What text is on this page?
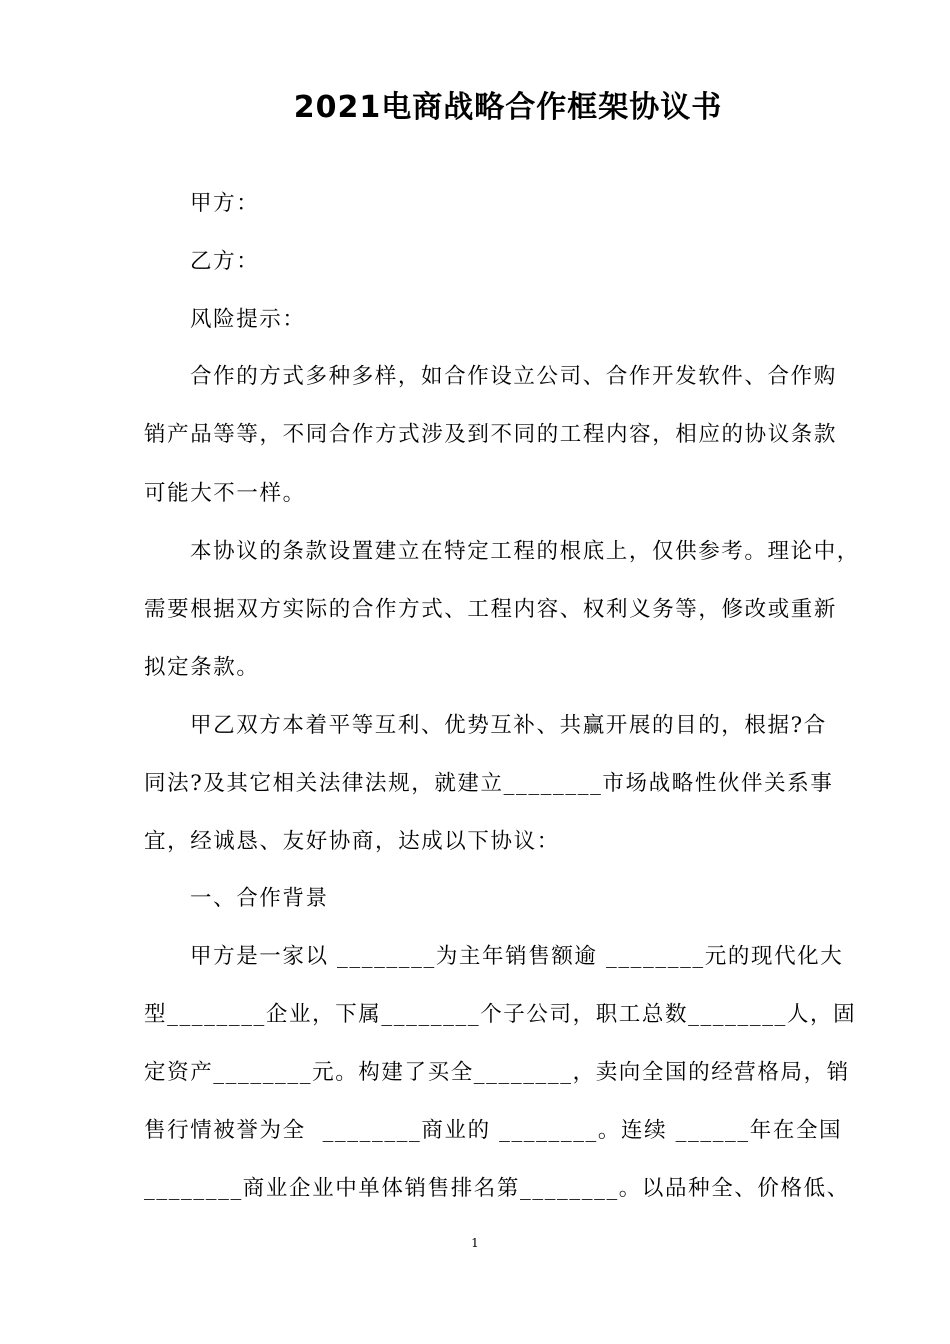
2021电商战略合作框架协议书
甲方：
乙方：
风险提示：
合作的方式多种多样，如合作设立公司、合作开发软件、合作购
销产品等等，不同合作方式涉及到不同的工程内容，相应的协议条款
可能大不一样。
本协议的条款设置建立在特定工程的根底上，仅供参考。理论中，
需要根据双方实际的合作方式、工程内容、权利义务等，修改或重新
拟定条款。
甲乙双方本着平等互利、优势互补、共赢开展的目的，根据?合
同法?及其它相关法律法规，就建立________市场战略性伙伴关系事
宜，经诚恳、友好协商，达成以下协议：
一、合作背景
甲方是一家以 ________为主年销售额逾 ________元的现代化大
型________企业，下属________个子公司，职工总数________人，固
定资产________元。构建了买全________，卖向全国的经营格局，销
售行情被誉为全  ________商业的 ________。连续 ______年在全国
________商业企业中单体销售排名第________。以品种全、价格低、
1
